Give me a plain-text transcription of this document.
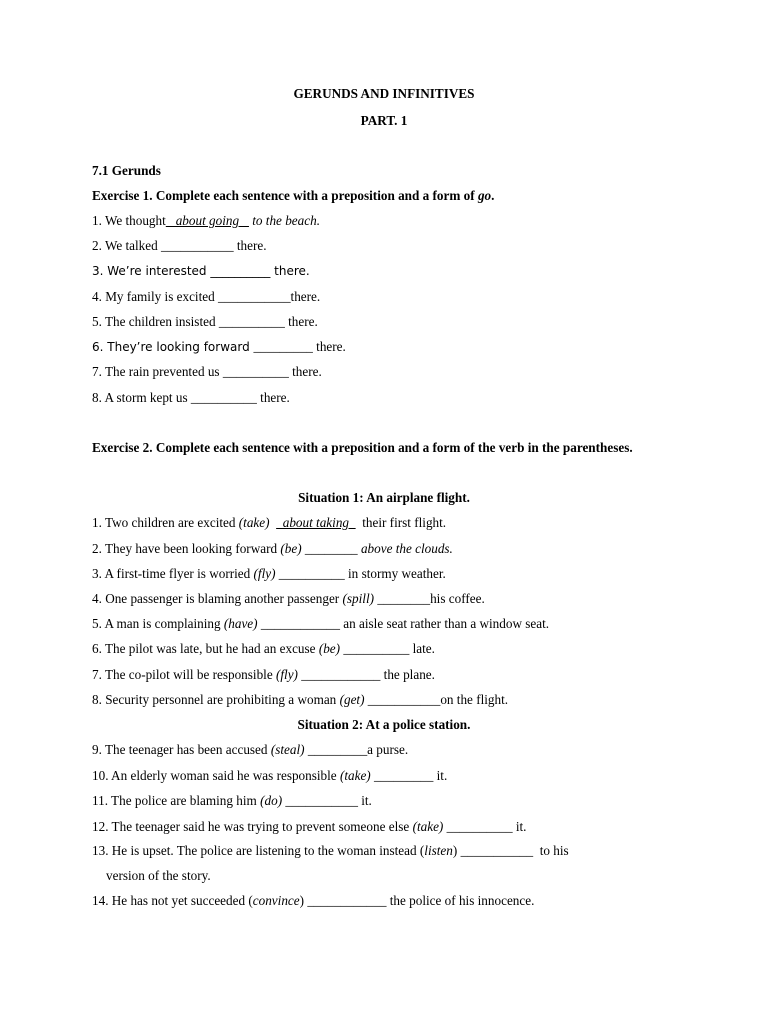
GERUNDS AND INFINITIVES
PART. 1
7.1 Gerunds
Exercise 1. Complete each sentence with a preposition and a form of go.
1. We thought   about going    to the beach.
2. We talked ___________ there.
3. We’re interested __________ there.
4. My family is excited ___________there.
5. The children insisted __________ there.
6. They’re looking forward _________ there.
7. The rain prevented us __________ there.
8. A storm kept us __________ there.
Exercise 2. Complete each sentence with a preposition and a form of the verb in the parentheses.
Situation 1: An airplane flight.
1. Two children are excited (take)    about taking    their first flight.
2. They have been looking forward (be) ________ above the clouds.
3. A first-time flyer is worried (fly) __________ in stormy weather.
4. One passenger is blaming another passenger (spill) ________his coffee.
5. A man is complaining (have) ____________ an aisle seat rather than a window seat.
6. The pilot was late, but he had an excuse (be) __________ late.
7. The co-pilot will be responsible (fly) ____________ the plane.
8. Security personnel are prohibiting a woman (get) ___________on the flight.
Situation 2: At a police station.
9. The teenager has been accused (steal) _________a purse.
10. An elderly woman said he was responsible (take) _________ it.
11. The police are blaming him (do) ___________ it.
12. The teenager said he was trying to prevent someone else (take) __________ it.
13. He is upset. The police are listening to the woman instead (listen) ___________  to his
version of the story.
14. He has not yet succeeded (convince) ____________ the police of his innocence.
